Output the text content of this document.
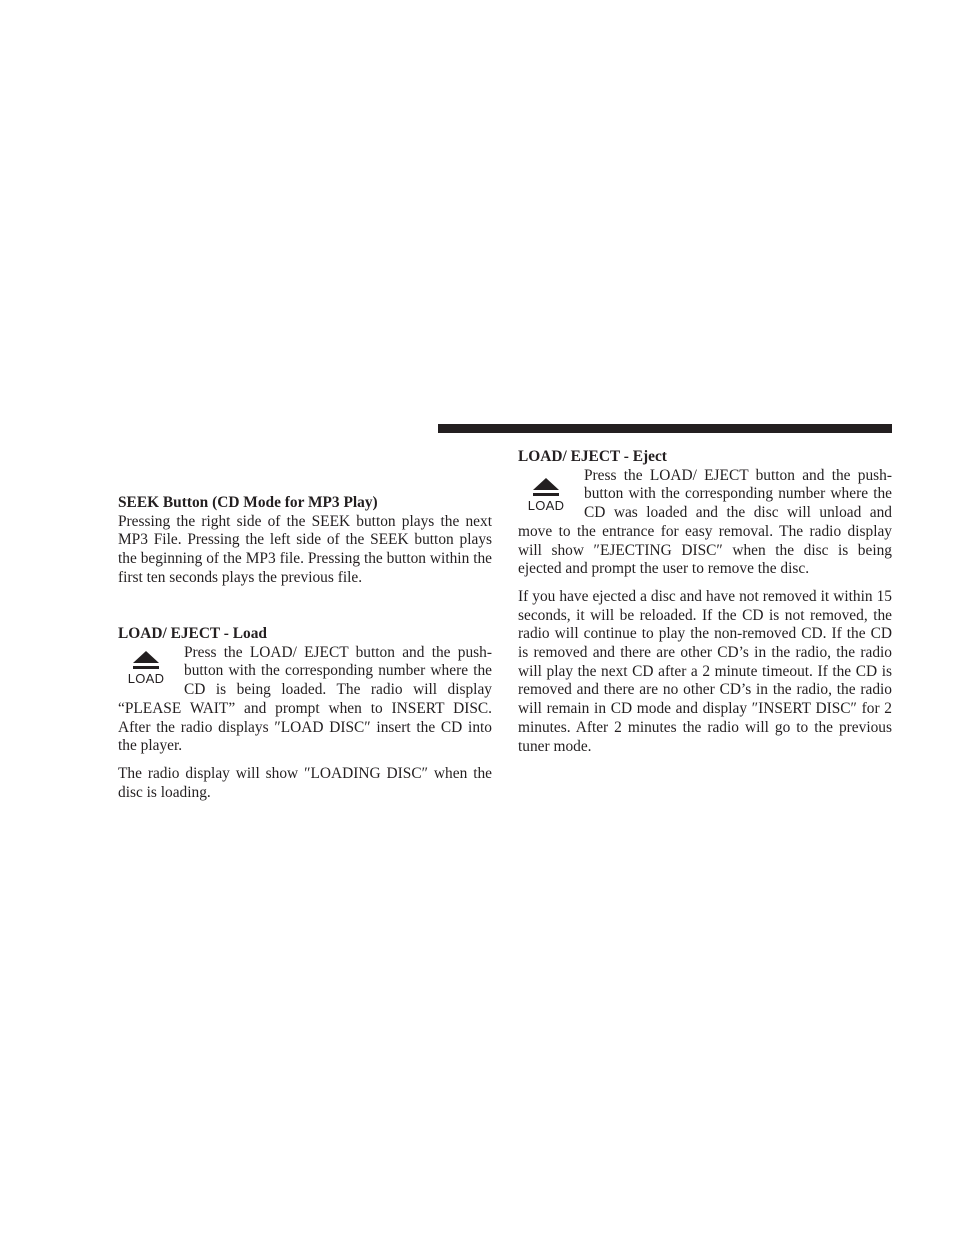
SEEK Button (CD Mode for MP3 Play)

Pressing the right side of the SEEK button plays the next MP3 File. Pressing the left side of the SEEK button plays the beginning of the MP3 file. Pressing the button within the first ten seconds plays the previous file.

LOAD/ EJECT - Load

LOAD

Press the LOAD/ EJECT button and the push-button with the corresponding number where the CD is being loaded. The radio will display “PLEASE WAIT” and prompt when to INSERT DISC. After the radio displays ″LOAD DISC″ insert the CD into the player.

The radio display will show ″LOADING DISC″ when the disc is loading.

LOAD/ EJECT - Eject

LOAD

Press the LOAD/ EJECT button and the push-button with the corresponding number where the CD was loaded and the disc will unload and move to the entrance for easy removal. The radio display will show ″EJECTING DISC″ when the disc is being ejected and prompt the user to remove the disc.

If you have ejected a disc and have not removed it within 15 seconds, it will be reloaded. If the CD is not removed, the radio will continue to play the non-removed CD. If the CD is removed and there are other CD’s in the radio, the radio will play the next CD after a 2 minute timeout. If the CD is removed and there are no other CD’s in the radio, the radio will remain in CD mode and display ″INSERT DISC″ for 2 minutes. After 2 minutes the radio will go to the previous tuner mode.
